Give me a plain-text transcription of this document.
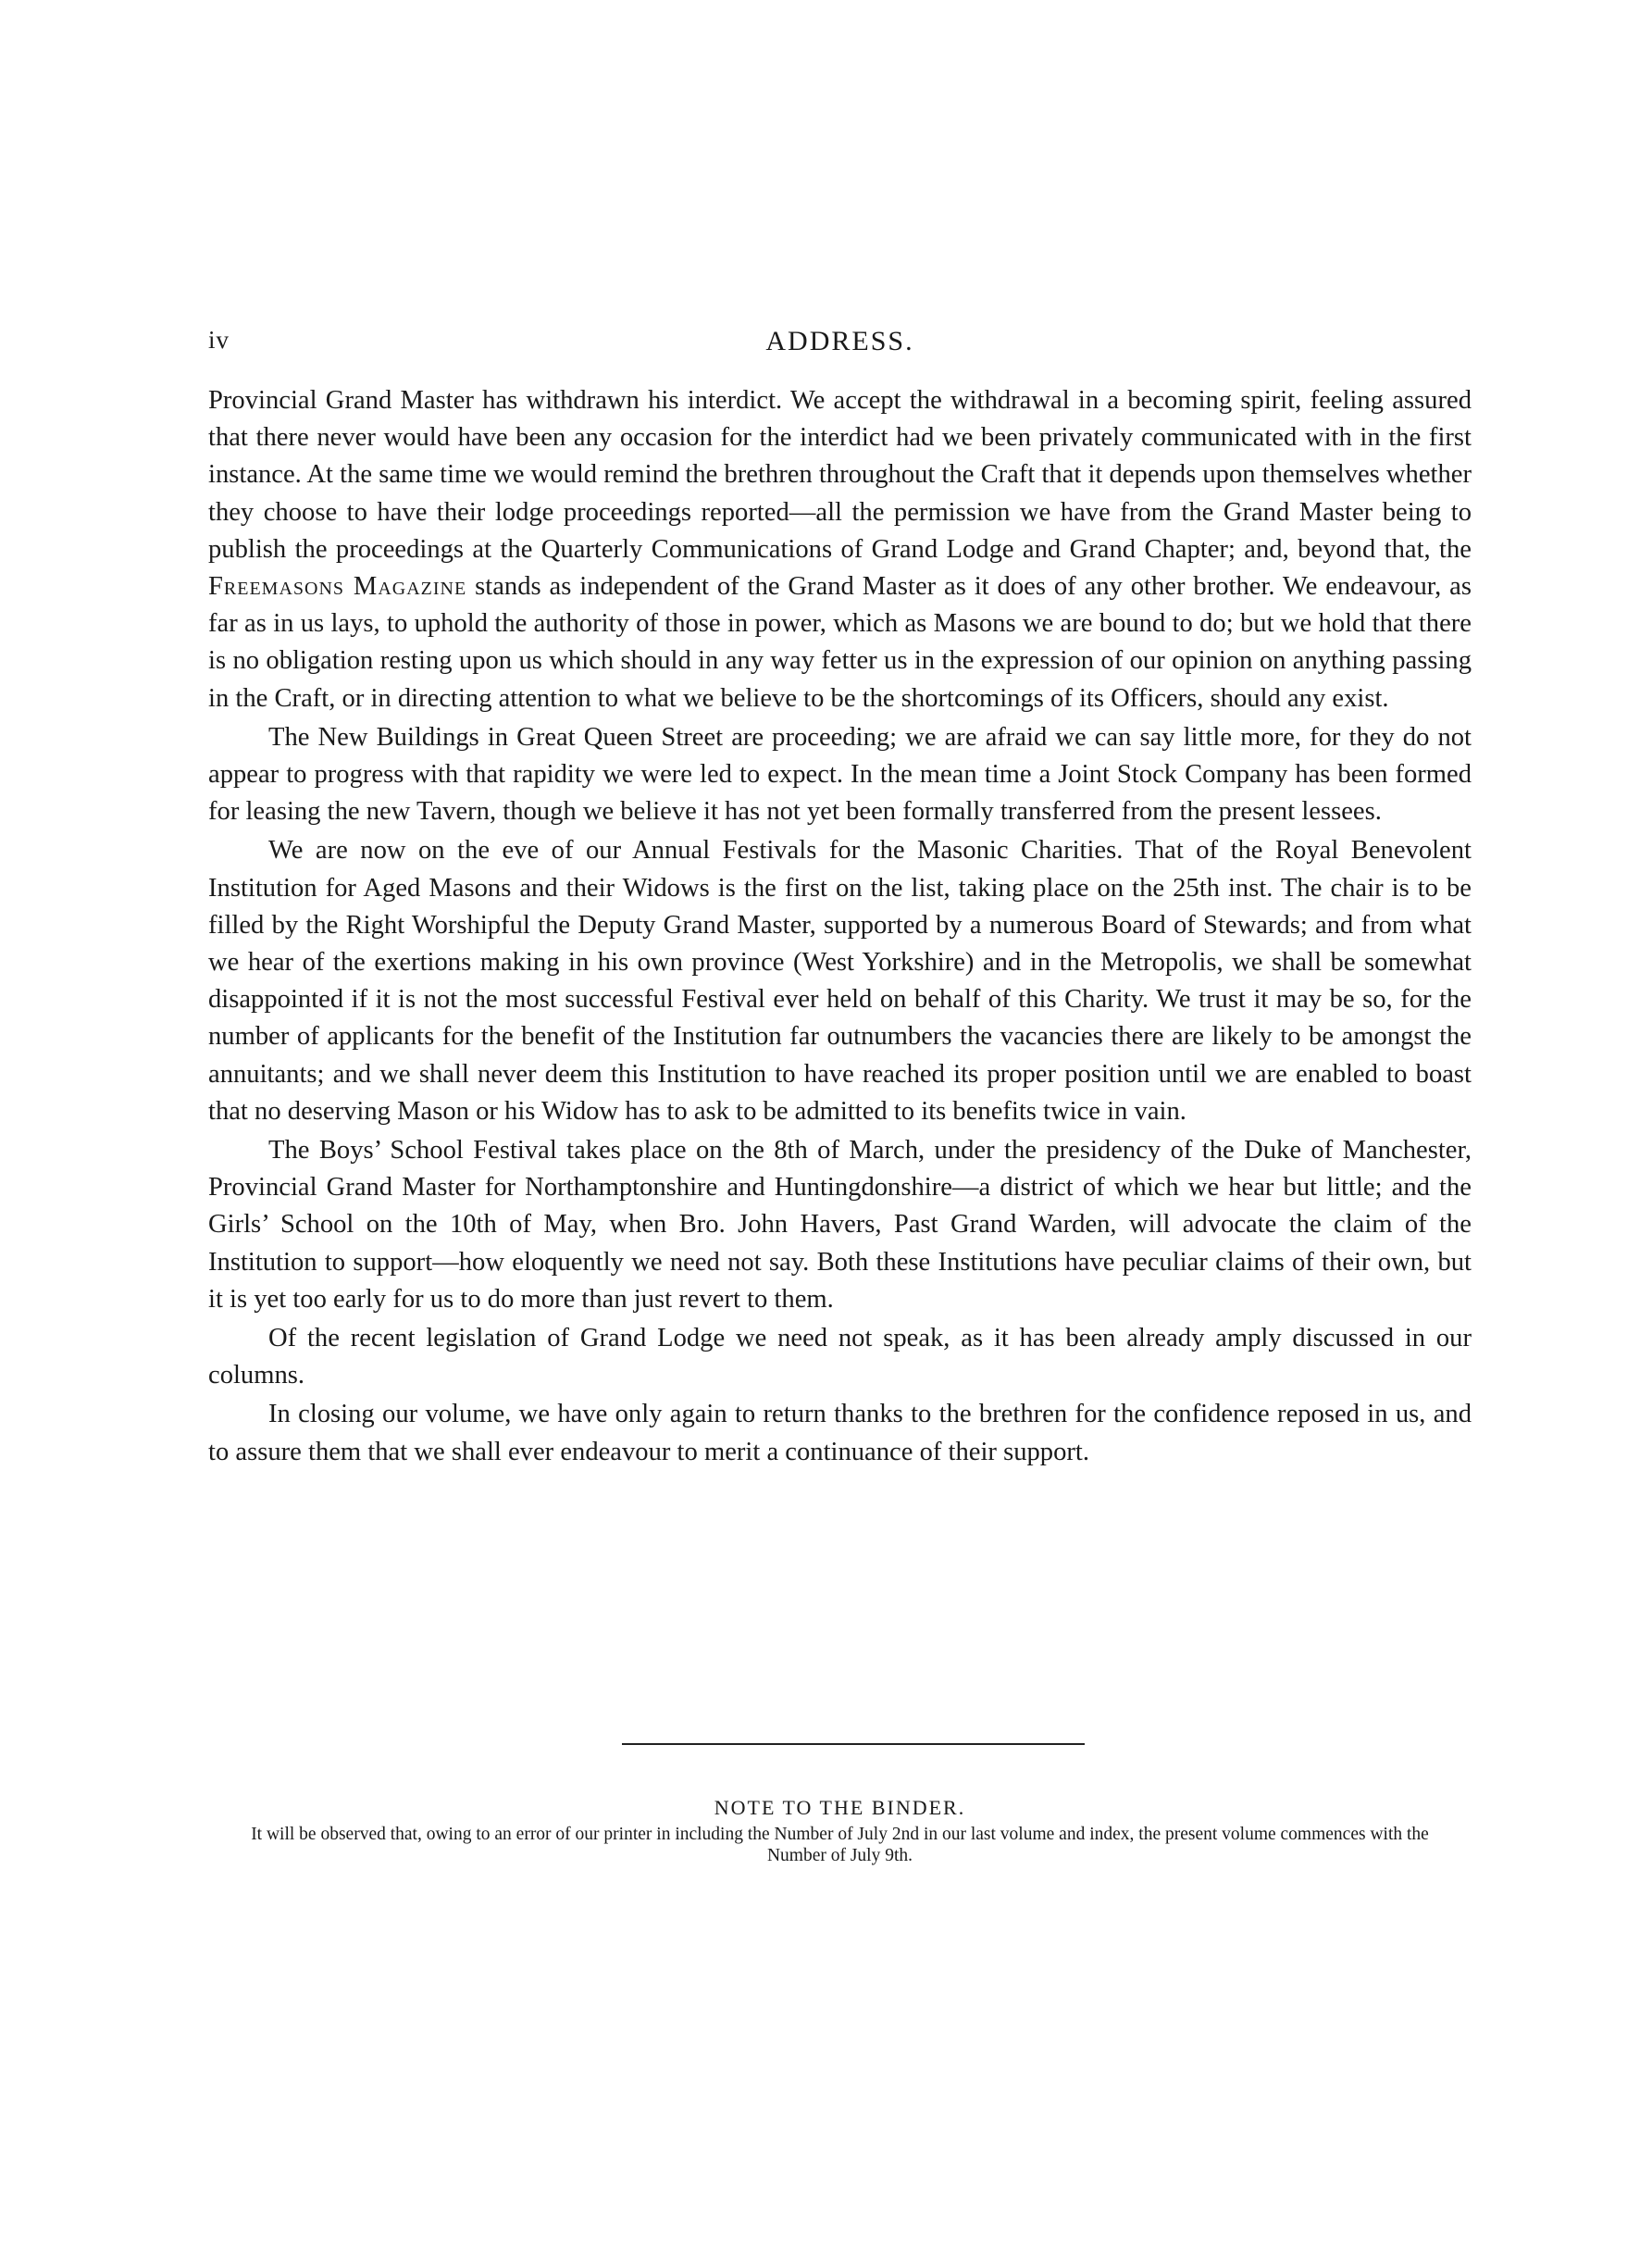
iv	ADDRESS.

Provincial Grand Master has withdrawn his interdict. We accept the withdrawal in a becoming spirit, feeling assured that there never would have been any occasion for the interdict had we been privately communicated with in the first instance. At the same time we would remind the brethren throughout the Craft that it depends upon themselves whether they choose to have their lodge proceedings reported—all the permission we have from the Grand Master being to publish the proceedings at the Quarterly Communications of Grand Lodge and Grand Chapter; and, beyond that, the Freemasons Magazine stands as independent of the Grand Master as it does of any other brother. We endeavour, as far as in us lays, to uphold the authority of those in power, which as Masons we are bound to do; but we hold that there is no obligation resting upon us which should in any way fetter us in the expression of our opinion on anything passing in the Craft, or in directing attention to what we believe to be the shortcomings of its Officers, should any exist.

The New Buildings in Great Queen Street are proceeding; we are afraid we can say little more, for they do not appear to progress with that rapidity we were led to expect. In the mean time a Joint Stock Company has been formed for leasing the new Tavern, though we believe it has not yet been formally transferred from the present lessees.

We are now on the eve of our Annual Festivals for the Masonic Charities. That of the Royal Benevolent Institution for Aged Masons and their Widows is the first on the list, taking place on the 25th inst. The chair is to be filled by the Right Worshipful the Deputy Grand Master, supported by a numerous Board of Stewards; and from what we hear of the exertions making in his own province (West Yorkshire) and in the Metropolis, we shall be somewhat disappointed if it is not the most successful Festival ever held on behalf of this Charity. We trust it may be so, for the number of applicants for the benefit of the Institution far outnumbers the vacancies there are likely to be amongst the annuitants; and we shall never deem this Institution to have reached its proper position until we are enabled to boast that no deserving Mason or his Widow has to ask to be admitted to its benefits twice in vain.

The Boys’ School Festival takes place on the 8th of March, under the presidency of the Duke of Manchester, Provincial Grand Master for Northamptonshire and Huntingdonshire—a district of which we hear but little; and the Girls’ School on the 10th of May, when Bro. John Havers, Past Grand Warden, will advocate the claim of the Institution to support—how eloquently we need not say. Both these Institutions have peculiar claims of their own, but it is yet too early for us to do more than just revert to them.

Of the recent legislation of Grand Lodge we need not speak, as it has been already amply discussed in our columns.

In closing our volume, we have only again to return thanks to the brethren for the confidence reposed in us, and to assure them that we shall ever endeavour to merit a continuance of their support.

NOTE TO THE BINDER.
It will be observed that, owing to an error of our printer in including the Number of July 2nd in our last volume and index, the present volume commences with the Number of July 9th.
